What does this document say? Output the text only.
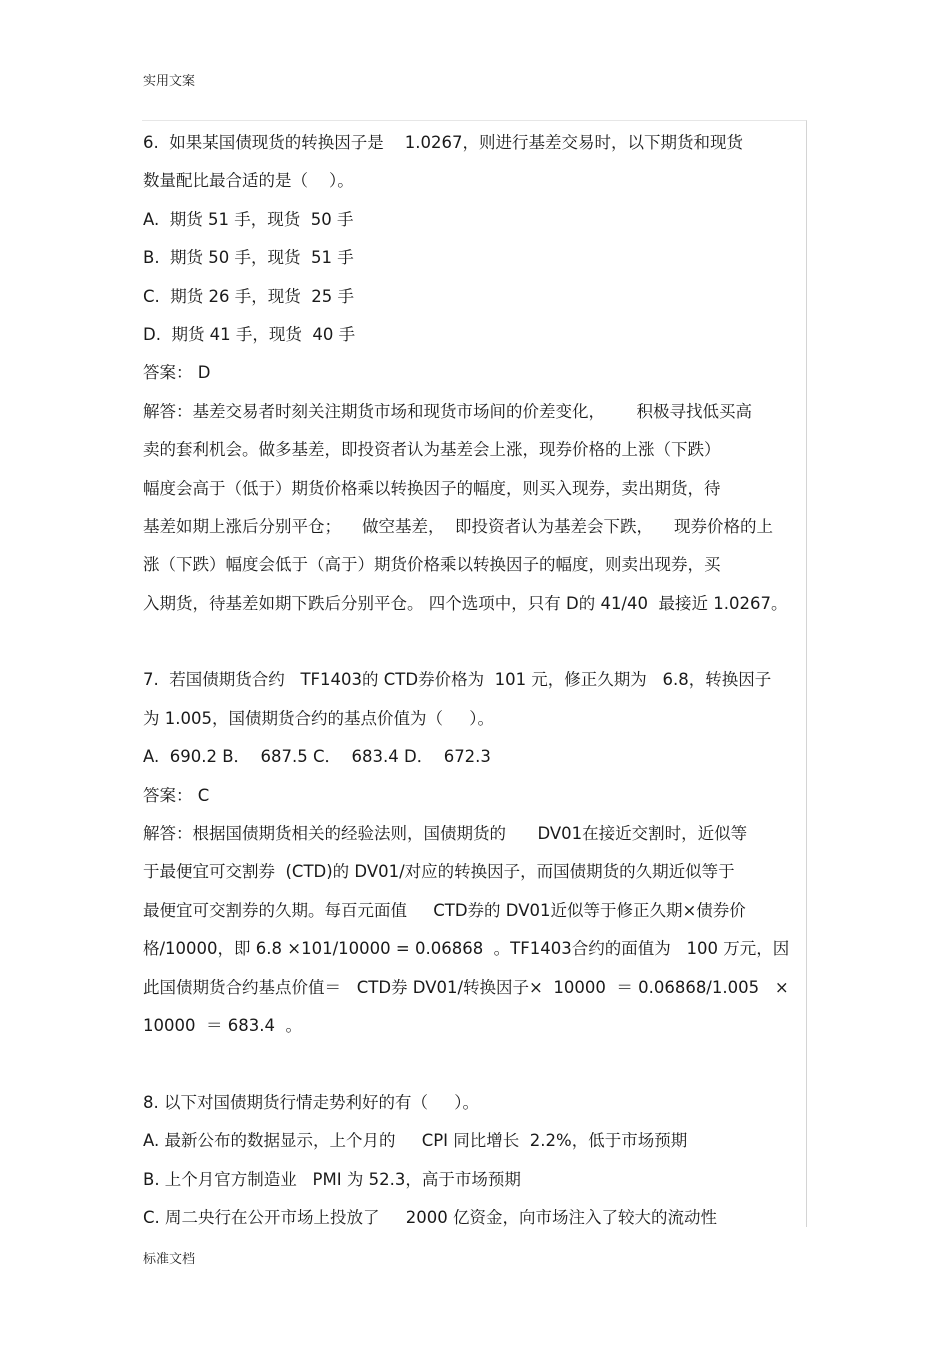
实用文案
6.  如果某国债现货的转换因子是    1.0267，则进行基差交易时，以下期货和现货
数量配比最合适的是（    ）。
A.  期货 51 手，现货  50 手
B.  期货 50 手，现货  51 手
C.  期货 26 手，现货  25 手
D.  期货 41 手，现货  40 手
答案： D
解答：基差交易者时刻关注期货市场和现货市场间的价差变化，      积极寻找低买高
卖的套利机会。做多基差，即投资者认为基差会上涨，现券价格的上涨（下跌）
幅度会高于（低于）期货价格乘以转换因子的幅度，则买入现券，卖出期货，待
基差如期上涨后分别平仓；    做空基差，  即投资者认为基差会下跌，    现券价格的上
涨（下跌）幅度会低于（高于）期货价格乘以转换因子的幅度，则卖出现券，买
入期货，待基差如期下跌后分别平仓。 四个选项中，只有 D的 41/40  最接近 1.0267。
7.  若国债期货合约   TF1403的 CTD券价格为  101 元，修正久期为   6.8，转换因子
为 1.005，国债期货合约的基点价值为（     ）。
A.  690.2 B．  687.5 C．  683.4 D．  672.3
答案： C
解答：根据国债期货相关的经验法则，国债期货的      DV01在接近交割时，近似等
于最便宜可交割券  (CTD)的 DV01/对应的转换因子，而国债期货的久期近似等于
最便宜可交割券的久期。每百元面值     CTD券的 DV01近似等于修正久期×债券价
格/10000，即 6.8 ×101/10000 = 0.06868  。TF1403合约的面值为   100 万元，因
此国债期货合约基点价值＝   CTD券 DV01/转换因子×  10000  ＝ 0.06868/1.005   ×
10000  ＝ 683.4  。
8. 以下对国债期货行情走势利好的有（     ）。
A. 最新公布的数据显示，上个月的     CPI 同比增长  2.2%，低于市场预期
B. 上个月官方制造业   PMI 为 52.3，高于市场预期
C. 周二央行在公开市场上投放了     2000 亿资金，向市场注入了较大的流动性
标准文档
